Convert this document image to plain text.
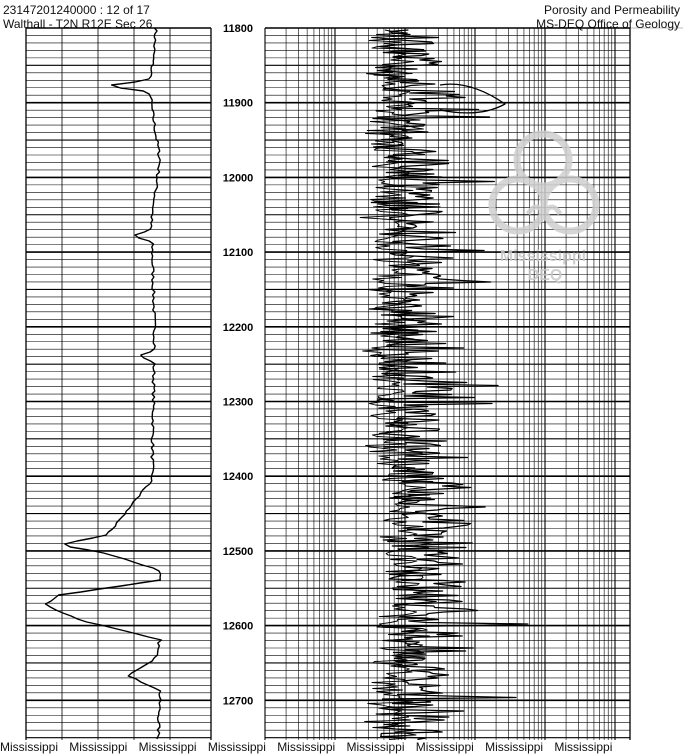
23147201240000 : 12 of 17
Walthall - T2N R12E Sec 26
Porosity and Permeability
MS-DEQ Office of Geology
11800
11900
12000
12100
12200
12300
12400
12500
12600
12700
Mississippi
DEQ
Mississippi Mississippi Mississippi Mississippi Mississippi Mississippi Mississippi Mississippi Mississippi
